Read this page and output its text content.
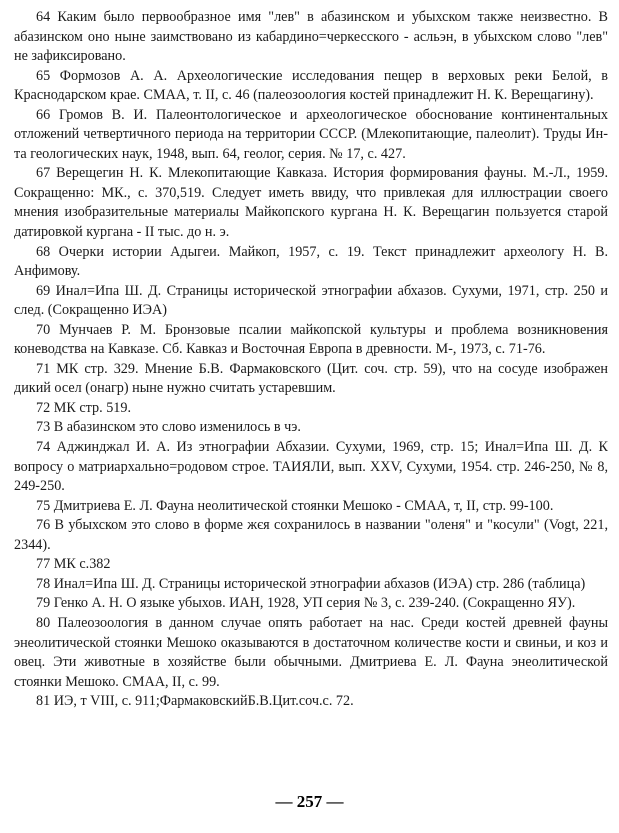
64 Каким было первообразное имя "лев" в абазинском и убыхском также неизвестно. В абазинском оно ныне заимствовано из кабардино=черкесского - асльэн, в убыхском слово "лев" не зафиксировано.

65 Формозов А. А. Археологические исследования пещер в верховых реки Белой, в Краснодарском крае. СМАА, т. II, с. 46 (палеозоология костей принадлежит Н. К. Верещагину).

66 Громов В. И. Палеонтологическое и археологическое обоснование континентальных отложений четвертичного периода на территории СССР. (Млекопитающие, палеолит). Труды Ин-та геологических наук, 1948, вып. 64, геолог, серия. № 17, с. 427.

67 Верещегин Н. К. Млекопитающие Кавказа. История формирования фауны. М.-Л., 1959. Сокращенно: МК., с. 370,519. Следует иметь ввиду, что привлекая для иллюстрации своего мнения изобразительные материалы Майкопского кургана Н. К. Верещагин пользуется старой датировкой кургана - II тыс. до н. э.

68 Очерки истории Адыгеи. Майкоп, 1957, с. 19. Текст принадлежит археологу Н. В. Анфимову.

69 Инал=Ипа Ш. Д. Страницы исторической этнографии абхазов. Сухуми, 1971, стр. 250 и след. (Сокращенно ИЭА)

70 Мунчаев Р. М. Бронзовые псалии майкопской культуры и проблема возникновения коневодства на Кавказе. Сб. Кавказ и Восточная Европа в древности. М-, 1973, с. 71-76.

71 МК стр. 329. Мнение Б.В. Фармаковского (Цит. соч. стр. 59), что на сосуде изображен дикий осел (онагр) ныне нужно считать устаревшим.

72 МК стр. 519.

73 В абазинском это слово изменилось в чэ.

74 Аджинджал И. А. Из этнографии Абхазии. Сухуми, 1969, стр. 15; Инал=Ипа Ш. Д. К вопросу о матриархально=родовом строе. ТАИЯЛИ, вып. XXV, Сухуми, 1954. стр. 246-250, № 8, 249-250.

75 Дмитриева Е. Л. Фауна неолитической стоянки Мешоко - СМАА, т, II, стр. 99-100.

76 В убыхском это слово в форме жєя сохранилось в названии "оленя" и "косули" (Vogt, 221, 2344).

77 МК с.382

78 Инал=Ипа Ш. Д. Страницы исторической этнографии абхазов (ИЭА) стр. 286 (таблица)

79 Генко А. Н. О языке убыхов. ИАН, 1928, УП серия № 3, с. 239-240. (Сокращенно ЯУ).

80 Палеозоология в данном случае опять работает на нас. Среди костей древней фауны энеолитической стоянки Мешоко оказываются в достаточном количестве кости и свиньи, и коз и овец. Эти животные в хозяйстве были обычными. Дмитриева Е. Л. Фауна энеолитической стоянки Мешоко. СМАА, II, с. 99.

81 ИЭ, т VIII, с. 911;ФармаковскийБ.В.Цит.соч.с. 72.

— 257 —
